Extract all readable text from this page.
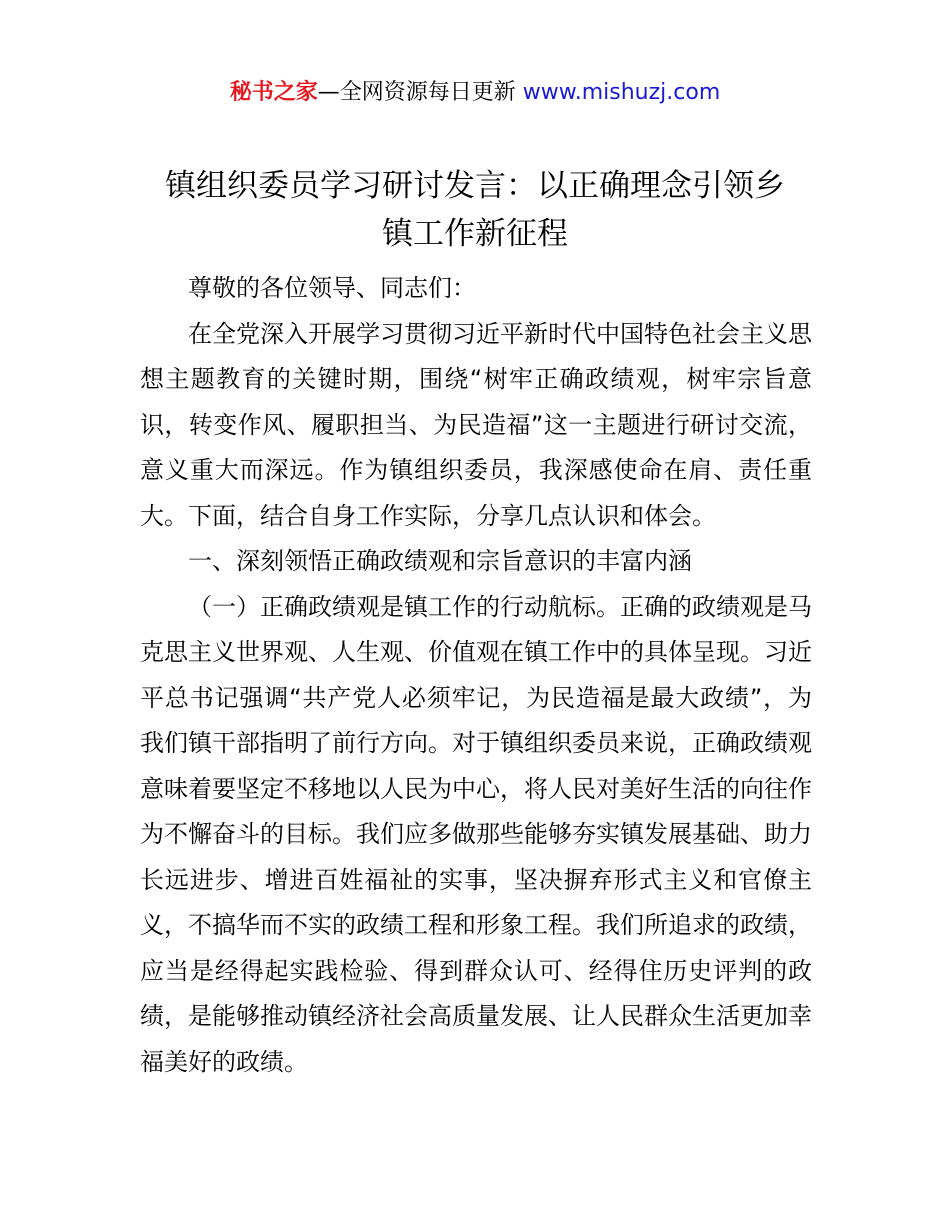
秘书之家—全网资源每日更新 www.mishuzj.com
镇组织委员学习研讨发言：以正确理念引领乡
镇工作新征程

尊敬的各位领导、同志们：

在全党深入开展学习贯彻习近平新时代中国特色社会主义思想主题教育的关键时期，围绕“树牢正确政绩观，树牢宗旨意识，转变作风、履职担当、为民造福”这一主题进行研讨交流，意义重大而深远。作为镇组织委员，我深感使命在肩、责任重大。下面，结合自身工作实际，分享几点认识和体会。

一、深刻领悟正确政绩观和宗旨意识的丰富内涵

（一）正确政绩观是镇工作的行动航标。正确的政绩观是马克思主义世界观、人生观、价值观在镇工作中的具体呈现。习近平总书记强调“共产党人必须牢记，为民造福是最大政绩”，为我们镇干部指明了前行方向。对于镇组织委员来说，正确政绩观意味着要坚定不移地以人民为中心，将人民对美好生活的向往作为不懈奋斗的目标。我们应多做那些能够夯实镇发展基础、助力长远进步、增进百姓福祉的实事，坚决摒弃形式主义和官僚主义，不搞华而不实的政绩工程和形象工程。我们所追求的政绩，应当是经得起实践检验、得到群众认可、经得住历史评判的政绩，是能够推动镇经济社会高质量发展、让人民群众生活更加幸福美好的政绩。
